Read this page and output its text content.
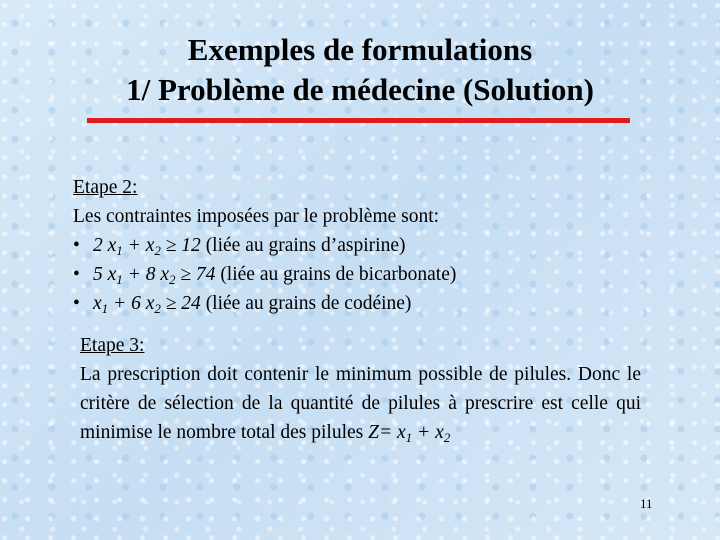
Exemples de formulations
1/ Problème de médecine (Solution)
Etape 2:
Les contraintes imposées par le problème sont:
• 2 $x_1 + x_2 \ge 12$ (liée au grains d’aspirine)
• 5 $x_1 + 8$ $x_2 \ge 74$ (liée au grains de bicarbonate)
• $x_1 + 6$ $x_2 \ge 24$ (liée au grains de codéine)
Etape 3:
La prescription doit contenir le minimum possible de pilules. Donc le critère de sélection de la quantité de pilules à prescrire est celle qui minimise le nombre total des pilules $Z= x_1 + x_2$
11
